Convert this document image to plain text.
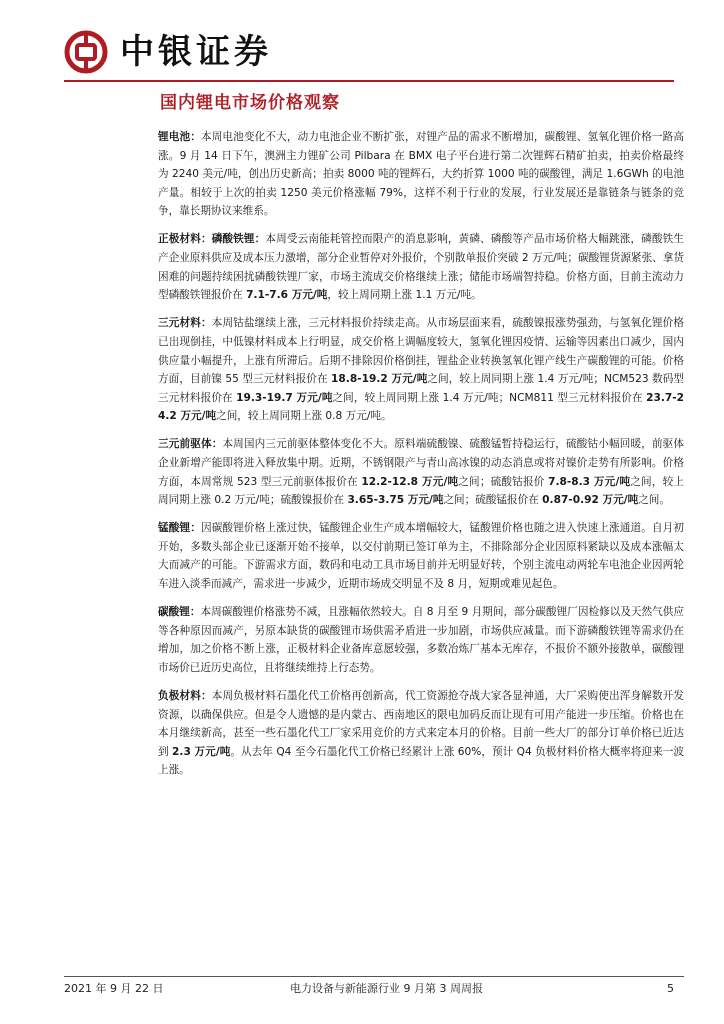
中银证券
国内锂电市场价格观察

锂电池：本周电池变化不大，动力电池企业不断扩张，对锂产品的需求不断增加，碳酸锂、氢氧化锂价格一路高涨。9 月 14 日下午，澳洲主力锂矿公司 Pilbara 在 BMX 电子平台进行第二次锂辉石精矿拍卖，拍卖价格最终为 2240 美元/吨，创出历史新高；拍卖 8000 吨的锂辉石，大约折算 1000 吨的碳酸锂，满足 1.6GWh 的电池产量。相较于上次的拍卖 1250 美元价格涨幅 79%，这样不利于行业的发展，行业发展还是靠链条与链条的竞争，靠长期协议来维系。

正极材料：磷酸铁锂：本周受云南能耗管控而限产的消息影响，黄磷、磷酸等产品市场价格大幅跳涨，磷酸铁生产企业原料供应及成本压力激增，部分企业暂停对外报价，个别散单报价突破 2 万元/吨；碳酸锂货源紧张、拿货困难的问题持续困扰磷酸铁锂厂家，市场主流成交价格继续上涨；储能市场端智持稳。价格方面，目前主流动力型磷酸铁锂报价在 7.1-7.6 万元/吨，较上周同期上涨 1.1 万元/吨。

三元材料：本周钴盐继续上涨，三元材料报价持续走高。从市场层面来看，硫酸镍报涨势强劲，与氢氧化锂价格已出现倒挂，中低镍材料成本上行明显，成交价格上调幅度较大，氢氧化锂因疫情、运输等因素出口减少，国内供应量小幅提升，上涨有所滞后。后期不排除因价格倒挂，锂盐企业转换氢氧化锂产线生产碳酸锂的可能。价格方面，目前镍 55 型三元材料报价在 18.8-19.2 万元/吨之间，较上周同期上涨 1.4 万元/吨；NCM523 数码型三元材料报价在 19.3-19.7 万元/吨之间，较上周同期上涨 1.4 万元/吨；NCM811 型三元材料报价在 23.7-24.2 万元/吨之间，较上周同期上涨 0.8 万元/吨。

三元前驱体：本周国内三元前驱体整体变化不大。原料端硫酸镍、硫酸锰暂持稳运行，硫酸钴小幅回暖，前驱体企业新增产能即将进入释放集中期。近期，不锈钢限产与青山高冰镍的动态消息或将对镍价走势有所影响。价格方面，本周常规 523 型三元前驱体报价在 12.2-12.8 万元/吨之间；硫酸钴报价 7.8-8.3 万元/吨之间，较上周同期上涨 0.2 万元/吨；硫酸镍报价在 3.65-3.75 万元/吨之间；硫酸锰报价在 0.87-0.92 万元/吨之间。

锰酸锂：因碳酸锂价格上涨过快，锰酸锂企业生产成本增幅较大，锰酸锂价格也随之进入快速上涨通道。自月初开始，多数头部企业已逐渐开始不接单，以交付前期已签订单为主，不排除部分企业因原料紧缺以及成本涨幅太大而减产的可能。下游需求方面，数码和电动工具市场目前并无明显好转，个别主流电动两轮车电池企业因两轮车进入淡季而减产，需求进一步减少，近期市场成交明显不及 8 月，短期或难见起色。

碳酸锂：本周碳酸锂价格涨势不减，且涨幅依然较大。自 8 月至 9 月期间，部分碳酸锂厂因检修以及天然气供应等各种原因而减产，另原本缺货的碳酸锂市场供需矛盾进一步加剧，市场供应减量。而下游磷酸铁锂等需求仍在增加，加之价格不断上涨，正极材料企业备库意愿较强，多数冶炼厂基本无库存，不报价不额外接散单，碳酸锂市场价已近历史高位，且将继续维持上行态势。

负极材料：本周负极材料石墨化代工价格再创新高，代工资源抢夺战大家各显神通，大厂采购使出浑身解数开发资源，以确保供应。但是令人遗憾的是内蒙古、西南地区的限电加码反而让现有可用产能进一步压缩。价格也在本月继续新高，甚至一些石墨化代工厂家采用竞价的方式来定本月的价格。目前一些大厂的部分订单价格已近达到 2.3 万元/吨。从去年 Q4 至今石墨化代工价格已经累计上涨 60%，预计 Q4 负极材料价格大概率将迎来一波上涨。

2021 年 9 月 22 日	电力设备与新能源行业 9 月第 3 周周报	5
